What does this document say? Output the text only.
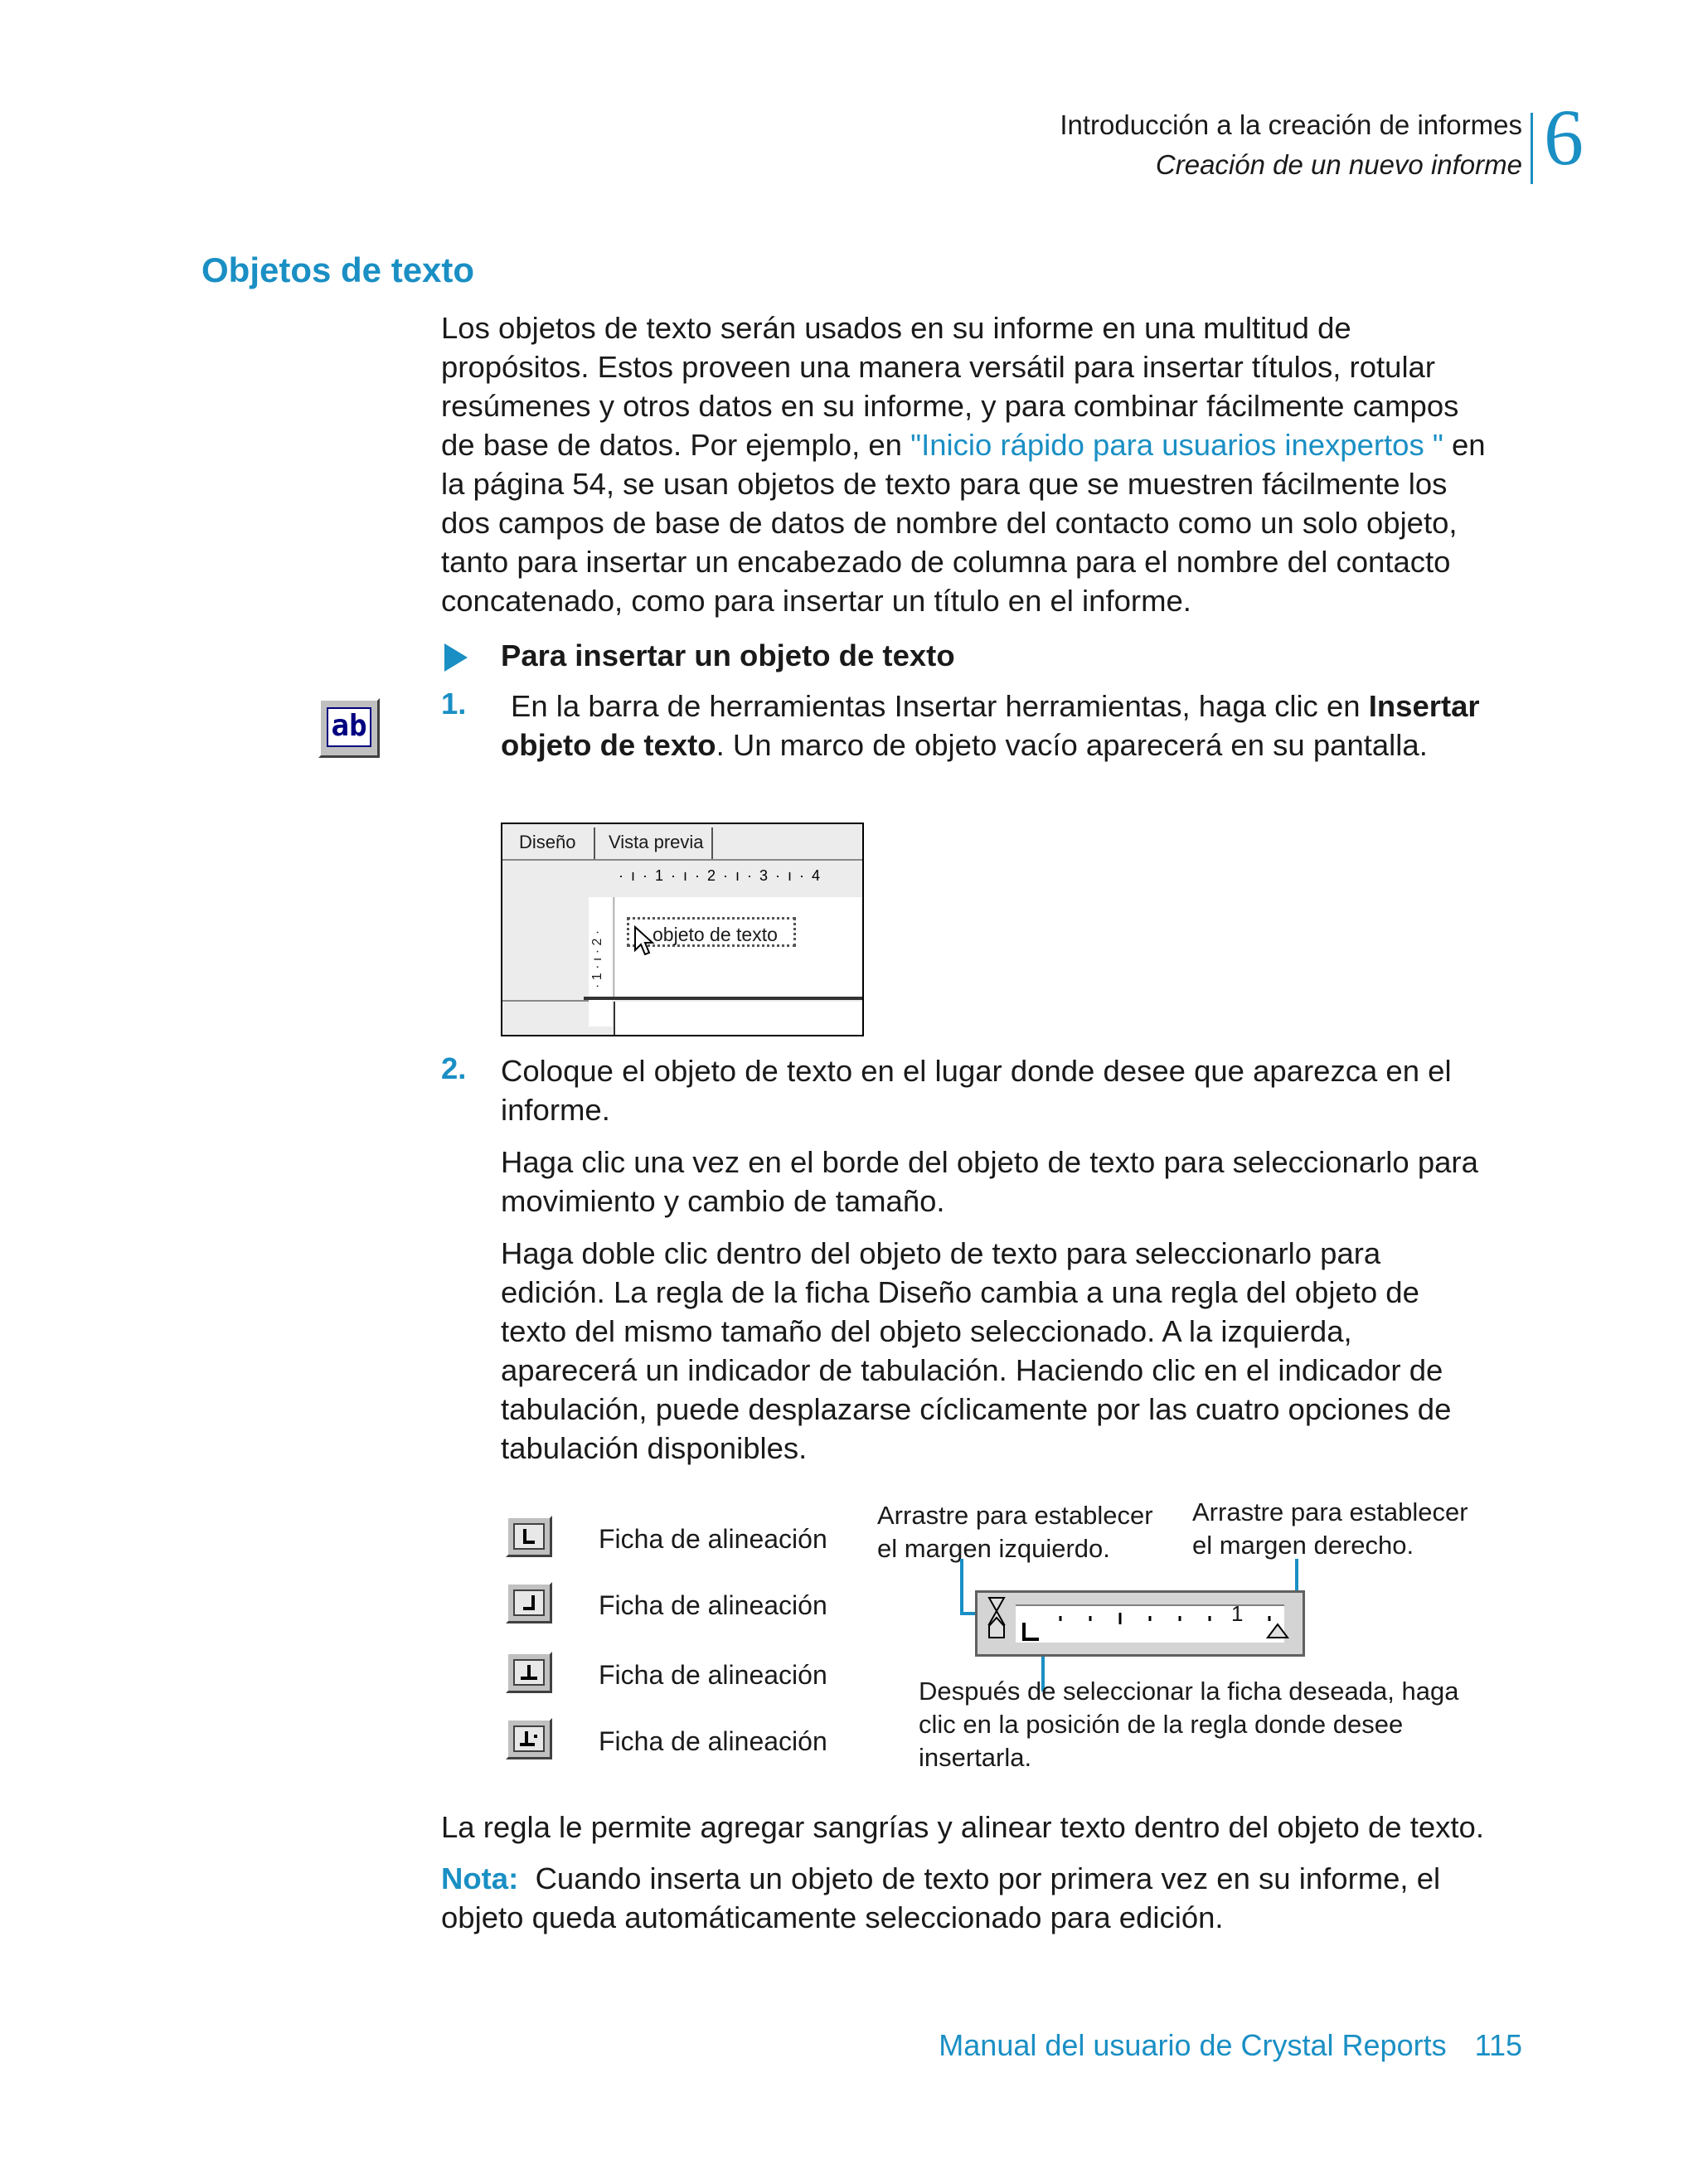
Introducción a la creación de informes
Creación de un nuevo informe 6
Objetos de texto
Los objetos de texto serán usados en su informe en una multitud de
propósitos. Estos proveen una manera versátil para insertar títulos, rotular
resúmenes y otros datos en su informe, y para combinar fácilmente campos
de base de datos. Por ejemplo, en "Inicio rápido para usuarios inexpertos " en
la página 54, se usan objetos de texto para que se muestren fácilmente los
dos campos de base de datos de nombre del contacto como un solo objeto,
tanto para insertar un encabezado de columna para el nombre del contacto
concatenado, como para insertar un título en el informe.
Para insertar un objeto de texto
ab
1. En la barra de herramientas Insertar herramientas, haga clic en Insertar
objeto de texto. Un marco de objeto vacío aparecerá en su pantalla.
Diseño	Vista previa
· ı · 1 · ı · 2 · ı · 3 · ı · 4
· 1 · ı · 2 ·	objeto de texto
2. Coloque el objeto de texto en el lugar donde desee que aparezca en el
informe.
Haga clic una vez en el borde del objeto de texto para seleccionarlo para
movimiento y cambio de tamaño.
Haga doble clic dentro del objeto de texto para seleccionarlo para
edición. La regla de la ficha Diseño cambia a una regla del objeto de
texto del mismo tamaño del objeto seleccionado. A la izquierda,
aparecerá un indicador de tabulación. Haciendo clic en el indicador de
tabulación, puede desplazarse cíclicamente por las cuatro opciones de
tabulación disponibles.
Ficha de alineación
Ficha de alineación
Ficha de alineación
Ficha de alineación
Arrastre para establecer
el margen izquierdo.
Arrastre para establecer
el margen derecho.
1
Después de seleccionar la ficha deseada, haga
clic en la posición de la regla donde desee
insertarla.
La regla le permite agregar sangrías y alinear texto dentro del objeto de texto.
Nota: Cuando inserta un objeto de texto por primera vez en su informe, el
objeto queda automáticamente seleccionado para edición.
Manual del usuario de Crystal Reports 115
